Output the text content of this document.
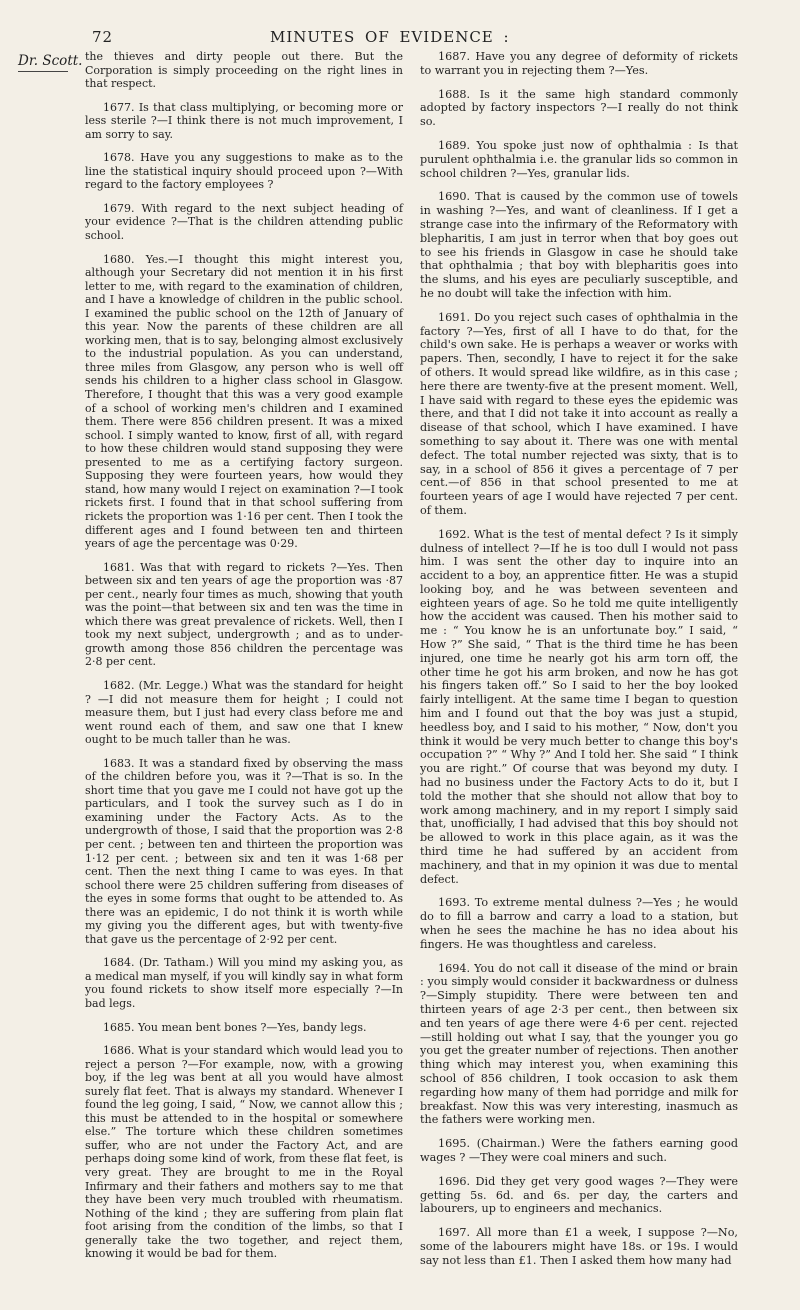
72	MINUTES OF EVIDENCE :
Dr. Scott. the thieves and dirty people out there. But the Corporation is simply proceeding on the right lines in that respect.

1677. Is that class multiplying, or becoming more or less sterile ?—I think there is not much improvement, I am sorry to say.

1678. Have you any suggestions to make as to the line the statistical inquiry should proceed upon ?—With regard to the factory employees ?

1679. With regard to the next subject heading of your evidence ?—That is the children attending public school.

1680. Yes.—I thought this might interest you, although your Secretary did not mention it in his first letter to me, with regard to the examination of children, and I have a knowledge of children in the public school. I examined the public school on the 12th of January of this year. Now the parents of these children are all working men, that is to say, belonging almost exclusively to the industrial population. As you can understand, three miles from Glasgow, any person who is well off sends his children to a higher class school in Glasgow. Therefore, I thought that this was a very good example of a school of working men's children and I examined them. There were 856 children present. It was a mixed school. I simply wanted to know, first of all, with regard to how these children would stand supposing they were presented to me as a certifying factory surgeon. Supposing they were fourteen years, how would they stand, how many would I reject on examination ?—I took rickets first. I found that in that school suffering from rickets the proportion was 1·16 per cent. Then I took the different ages and I found between ten and thirteen years of age the percentage was 0·29.

1681. Was that with regard to rickets ?—Yes. Then between six and ten years of age the proportion was ·87 per cent., nearly four times as much, showing that youth was the point—that between six and ten was the time in which there was great prevalence of rickets. Well, then I took my next subject, undergrowth ; and as to under-growth among those 856 children the percentage was 2·8 per cent.

1682. (Mr. Legge.) What was the standard for height ? —I did not measure them for height ; I could not measure them, but I just had every class before me and went round each of them, and saw one that I knew ought to be much taller than he was.

1683. It was a standard fixed by observing the mass of the children before you, was it ?—That is so. In the short time that you gave me I could not have got up the particulars, and I took the survey such as I do in examining under the Factory Acts. As to the undergrowth of those, I said that the proportion was 2·8 per cent. ; between ten and thirteen the proportion was 1·12 per cent. ; between six and ten it was 1·68 per cent. Then the next thing I came to was eyes. In that school there were 25 children suffering from diseases of the eyes in some forms that ought to be attended to. As there was an epidemic, I do not think it is worth while my giving you the different ages, but with twenty-five that gave us the percentage of 2·92 per cent.

1684. (Dr. Tatham.) Will you mind my asking you, as a medical man myself, if you will kindly say in what form you found rickets to show itself more especially ?—In bad legs.

1685. You mean bent bones ?—Yes, bandy legs.

1686. What is your standard which would lead you to reject a person ?—For example, now, with a growing boy, if the leg was bent at all you would have almost surely flat feet. That is always my standard. Whenever I found the leg going, I said, “ Now, we cannot allow this ; this must be attended to in the hospital or somewhere else.” The torture which these children sometimes suffer, who are not under the Factory Act, and are perhaps doing some kind of work, from these flat feet, is very great. They are brought to me in the Royal Infirmary and their fathers and mothers say to me that they have been very much troubled with rheumatism. Nothing of the kind ; they are suffering from plain flat foot arising from the condition of the limbs, so that I generally take the two together, and reject them, knowing it would be bad for them.

1687. Have you any degree of deformity of rickets to warrant you in rejecting them ?—Yes.

1688. Is it the same high standard commonly adopted by factory inspectors ?—I really do not think so.

1689. You spoke just now of ophthalmia : Is that purulent ophthalmia i.e. the granular lids so common in school children ?—Yes, granular lids.

1690. That is caused by the common use of towels in washing ?—Yes, and want of cleanliness. If I get a strange case into the infirmary of the Reformatory with blepharitis, I am just in terror when that boy goes out to see his friends in Glasgow in case he should take that ophthalmia ; that boy with blepharitis goes into the slums, and his eyes are peculiarly susceptible, and he no doubt will take the infection with him.

1691. Do you reject such cases of ophthalmia in the factory ?—Yes, first of all I have to do that, for the child's own sake. He is perhaps a weaver or works with papers. Then, secondly, I have to reject it for the sake of others. It would spread like wildfire, as in this case ; here there are twenty-five at the present moment. Well, I have said with regard to these eyes the epidemic was there, and that I did not take it into account as really a disease of that school, which I have examined. I have something to say about it. There was one with mental defect. The total number rejected was sixty, that is to say, in a school of 856 it gives a percentage of 7 per cent.—of 856 in that school presented to me at fourteen years of age I would have rejected 7 per cent. of them.

1692. What is the test of mental defect ? Is it simply dulness of intellect ?—If he is too dull I would not pass him. I was sent the other day to inquire into an accident to a boy, an apprentice fitter. He was a stupid looking boy, and he was between seventeen and eighteen years of age. So he told me quite intelligently how the accident was caused. Then his mother said to me : “ You know he is an unfortunate boy.” I said, “ How ?” She said, “ That is the third time he has been injured, one time he nearly got his arm torn off, the other time he got his arm broken, and now he has got his fingers taken off.” So I said to her the boy looked fairly intelligent. At the same time I began to question him and I found out that the boy was just a stupid, heedless boy, and I said to his mother, “ Now, don't you think it would be very much better to change this boy's occupation ?” “ Why ?” And I told her. She said “ I think you are right.” Of course that was beyond my duty. I had no business under the Factory Acts to do it, but I told the mother that she should not allow that boy to work among machinery, and in my report I simply said that, unofficially, I had advised that this boy should not be allowed to work in this place again, as it was the third time he had suffered by an accident from machinery, and that in my opinion it was due to mental defect.

1693. To extreme mental dulness ?—Yes ; he would do to fill a barrow and carry a load to a station, but when he sees the machine he has no idea about his fingers. He was thoughtless and careless.

1694. You do not call it disease of the mind or brain : you simply would consider it backwardness or dulness ?—Simply stupidity. There were between ten and thirteen years of age 2·3 per cent., then between six and ten years of age there were 4·6 per cent. rejected—still holding out what I say, that the younger you go you get the greater number of rejections. Then another thing which may interest you, when examining this school of 856 children, I took occasion to ask them regarding how many of them had porridge and milk for breakfast. Now this was very interesting, inasmuch as the fathers were working men.

1695. (Chairman.) Were the fathers earning good wages ? —They were coal miners and such.

1696. Did they get very good wages ?—They were getting 5s. 6d. and 6s. per day, the carters and labourers, up to engineers and mechanics.

1697. All more than £1 a week, I suppose ?—No, some of the labourers might have 18s. or 19s. I would say not less than £1. Then I asked them how many had
